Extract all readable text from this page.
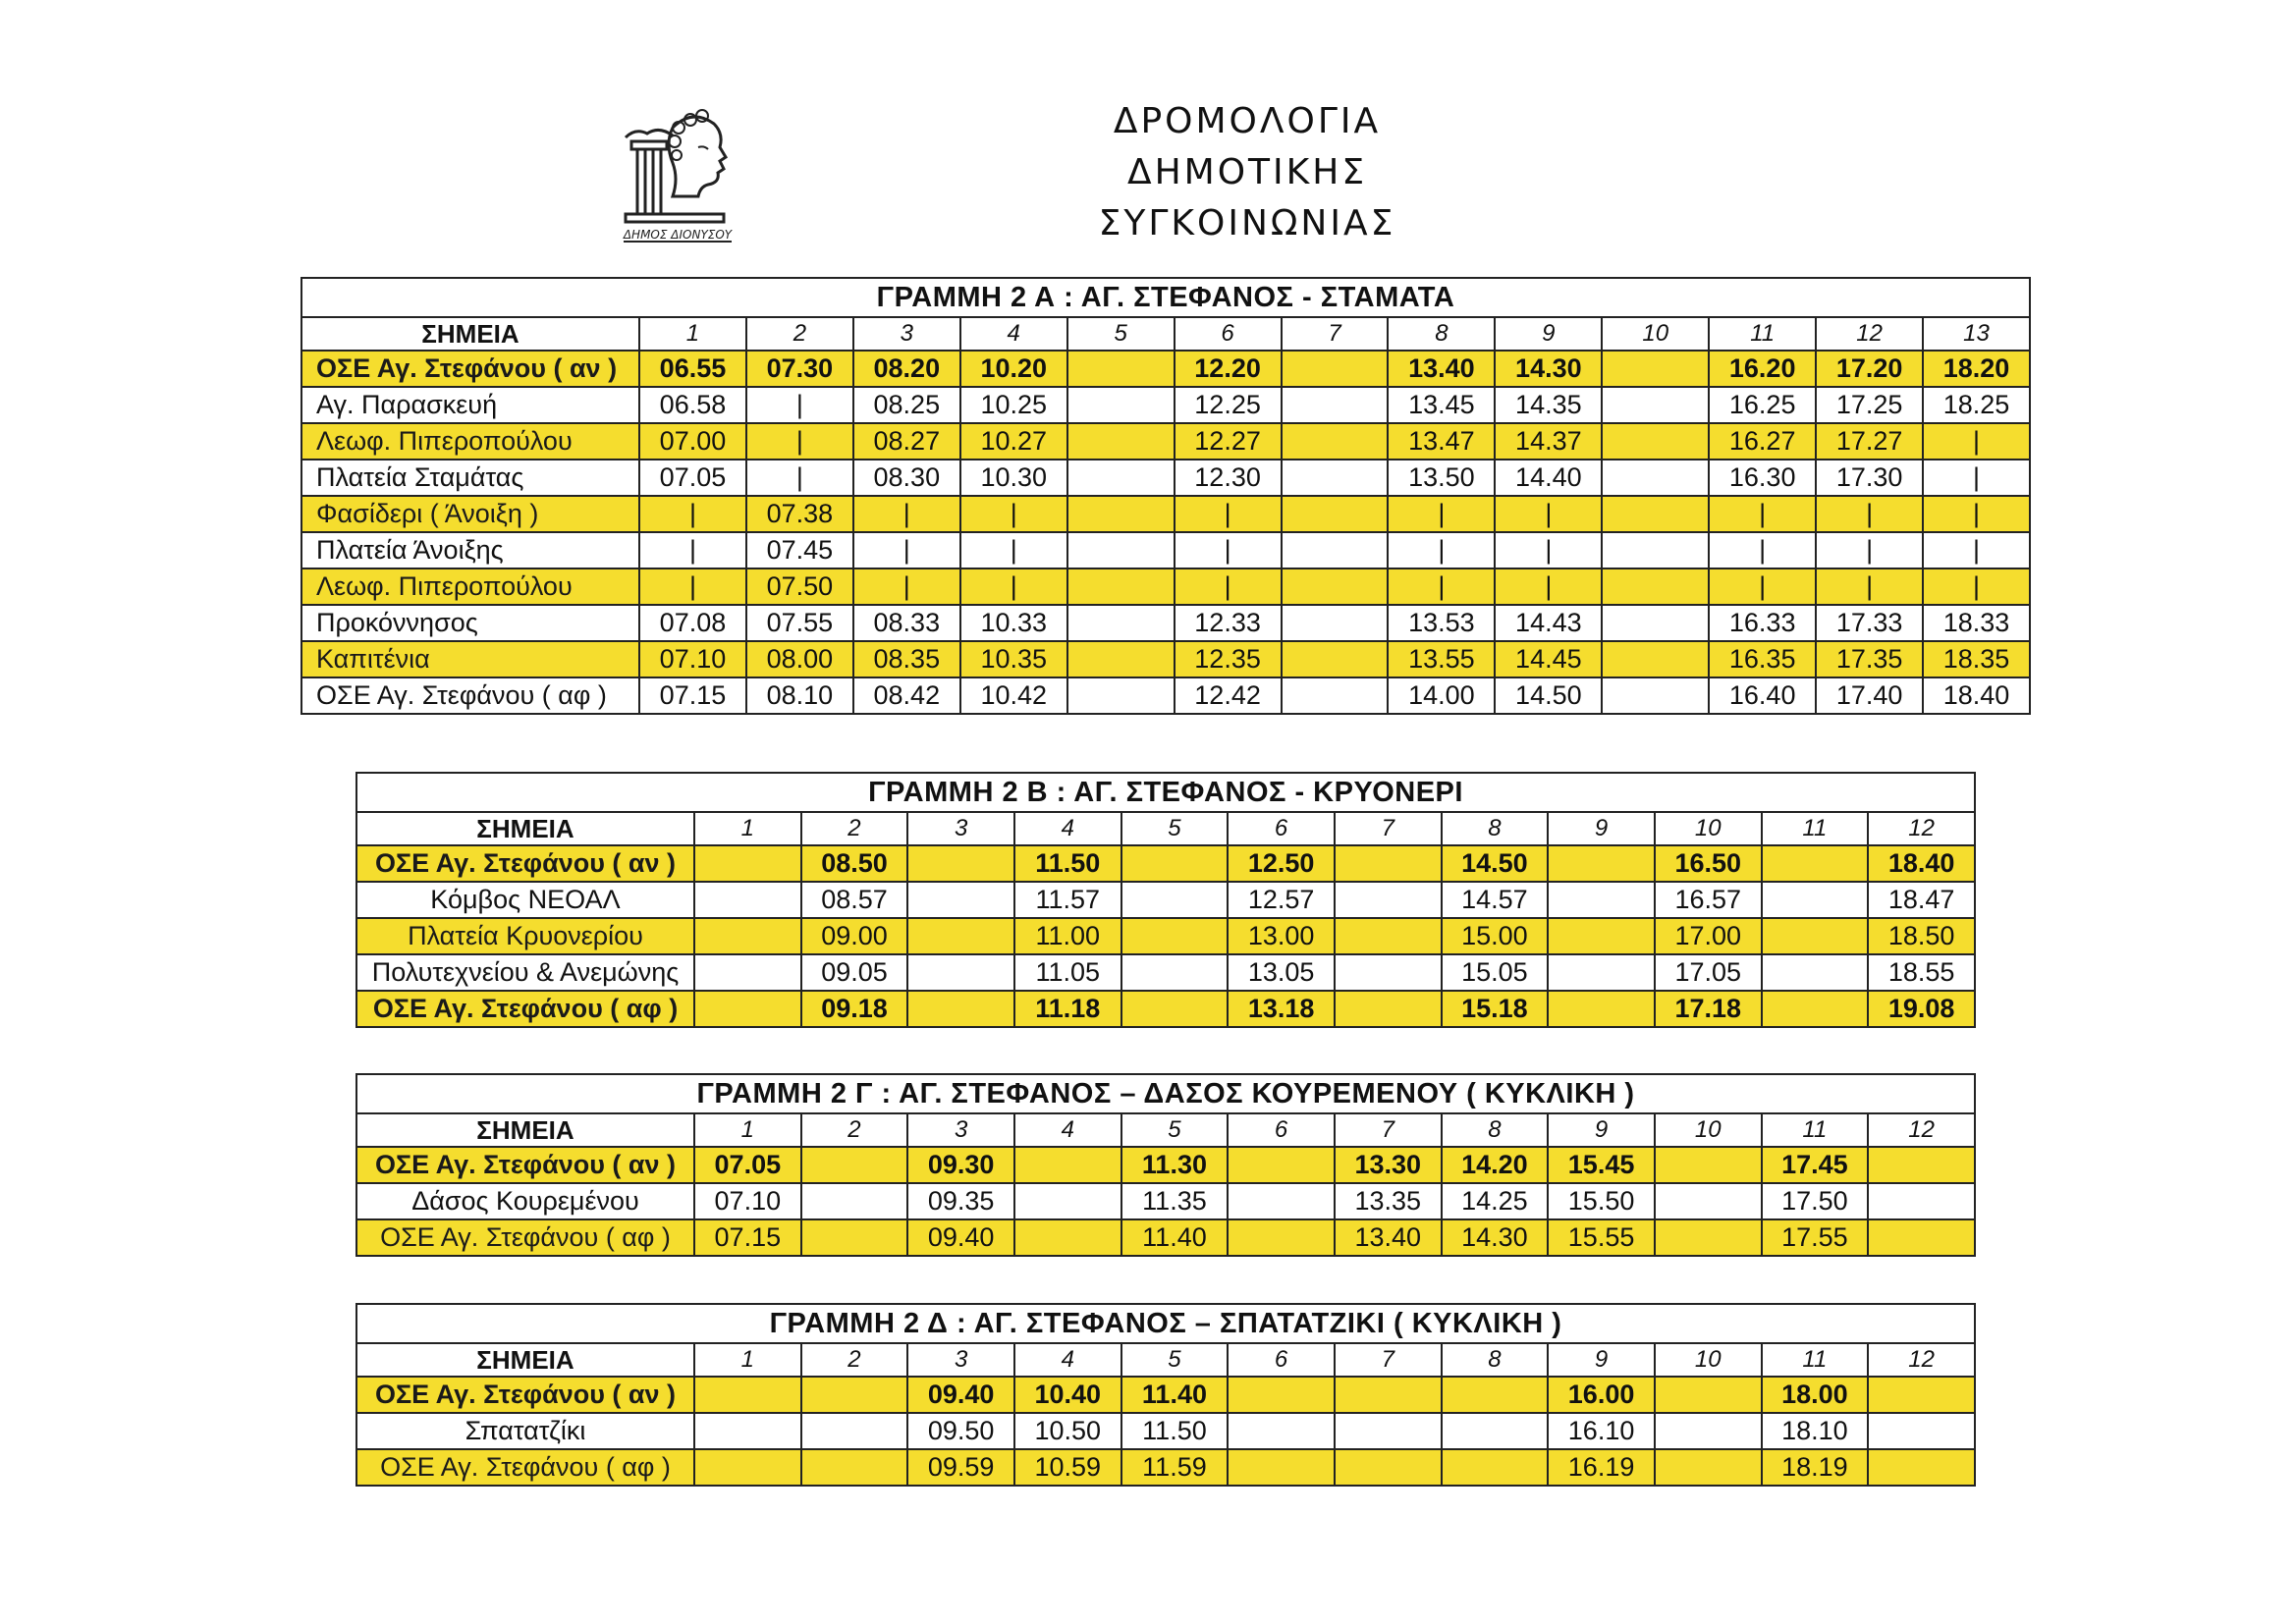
ΔΗΜΟΣ ΔΙΟΝΥΣΟΥ
ΔΡΟΜΟΛΟΓΙΑ
ΔΗΜΟΤΙΚΗΣ ΣΥΓΚΟΙΝΩΝΙΑΣ
ΓΡΑΜΜΗ 2 Α : ΑΓ. ΣΤΕΦΑΝΟΣ - ΣΤΑΜΑΤΑ													
ΣΗΜΕΙΑ	1	2	3	4	5	6	7	8	9	10	11	12	13
ΟΣΕ Αγ. Στεφάνου ( αν )	06.55	07.30	08.20	10.20		12.20		13.40	14.30		16.20	17.20	18.20
Αγ. Παρασκευή	06.58	|	08.25	10.25		12.25		13.45	14.35		16.25	17.25	18.25
Λεωφ. Πιπεροπούλου	07.00	|	08.27	10.27		12.27		13.47	14.37		16.27	17.27	|
Πλατεία Σταμάτας	07.05	|	08.30	10.30		12.30		13.50	14.40		16.30	17.30	|
Φασίδερι ( Άνοιξη )	|	07.38	|	|		|		|	|		|	|	|
Πλατεία Άνοιξης	|	07.45	|	|		|		|	|		|	|	|
Λεωφ. Πιπεροπούλου	|	07.50	|	|		|		|	|		|	|	|
Προκόννησος	07.08	07.55	08.33	10.33		12.33		13.53	14.43		16.33	17.33	18.33
Καπιτένια	07.10	08.00	08.35	10.35		12.35		13.55	14.45		16.35	17.35	18.35
ΟΣΕ Αγ. Στεφάνου ( αφ )	07.15	08.10	08.42	10.42		12.42		14.00	14.50		16.40	17.40	18.40
ΓΡΑΜΜΗ 2 Β : ΑΓ. ΣΤΕΦΑΝΟΣ - ΚΡΥΟΝΕΡΙ												
ΣΗΜΕΙΑ	1	2	3	4	5	6	7	8	9	10	11	12
ΟΣΕ Αγ. Στεφάνου ( αν )		08.50		11.50		12.50		14.50		16.50		18.40
Κόμβος ΝΕΟΑΛ		08.57		11.57		12.57		14.57		16.57		18.47
Πλατεία Κρυονερίου		09.00		11.00		13.00		15.00		17.00		18.50
Πολυτεχνείου & Ανεμώνης		09.05		11.05		13.05		15.05		17.05		18.55
ΟΣΕ Αγ. Στεφάνου ( αφ )		09.18		11.18		13.18		15.18		17.18		19.08
ΓΡΑΜΜΗ 2 Γ : ΑΓ. ΣΤΕΦΑΝΟΣ – ΔΑΣΟΣ ΚΟΥΡΕΜΕΝΟΥ ( ΚΥΚΛΙΚΗ )												
ΣΗΜΕΙΑ	1	2	3	4	5	6	7	8	9	10	11	12
ΟΣΕ Αγ. Στεφάνου ( αν )	07.05		09.30		11.30		13.30	14.20	15.45		17.45	
Δάσος Κουρεμένου	07.10		09.35		11.35		13.35	14.25	15.50		17.50	
ΟΣΕ Αγ. Στεφάνου ( αφ )	07.15		09.40		11.40		13.40	14.30	15.55		17.55	
ΓΡΑΜΜΗ 2 Δ : ΑΓ. ΣΤΕΦΑΝΟΣ – ΣΠΑΤΑΤΖΙΚΙ ( ΚΥΚΛΙΚΗ )												
ΣΗΜΕΙΑ	1	2	3	4	5	6	7	8	9	10	11	12
ΟΣΕ Αγ. Στεφάνου ( αν )			09.40	10.40	11.40				16.00		18.00	
Σπατατζίκι			09.50	10.50	11.50				16.10		18.10	
ΟΣΕ Αγ. Στεφάνου ( αφ )			09.59	10.59	11.59				16.19		18.19	
